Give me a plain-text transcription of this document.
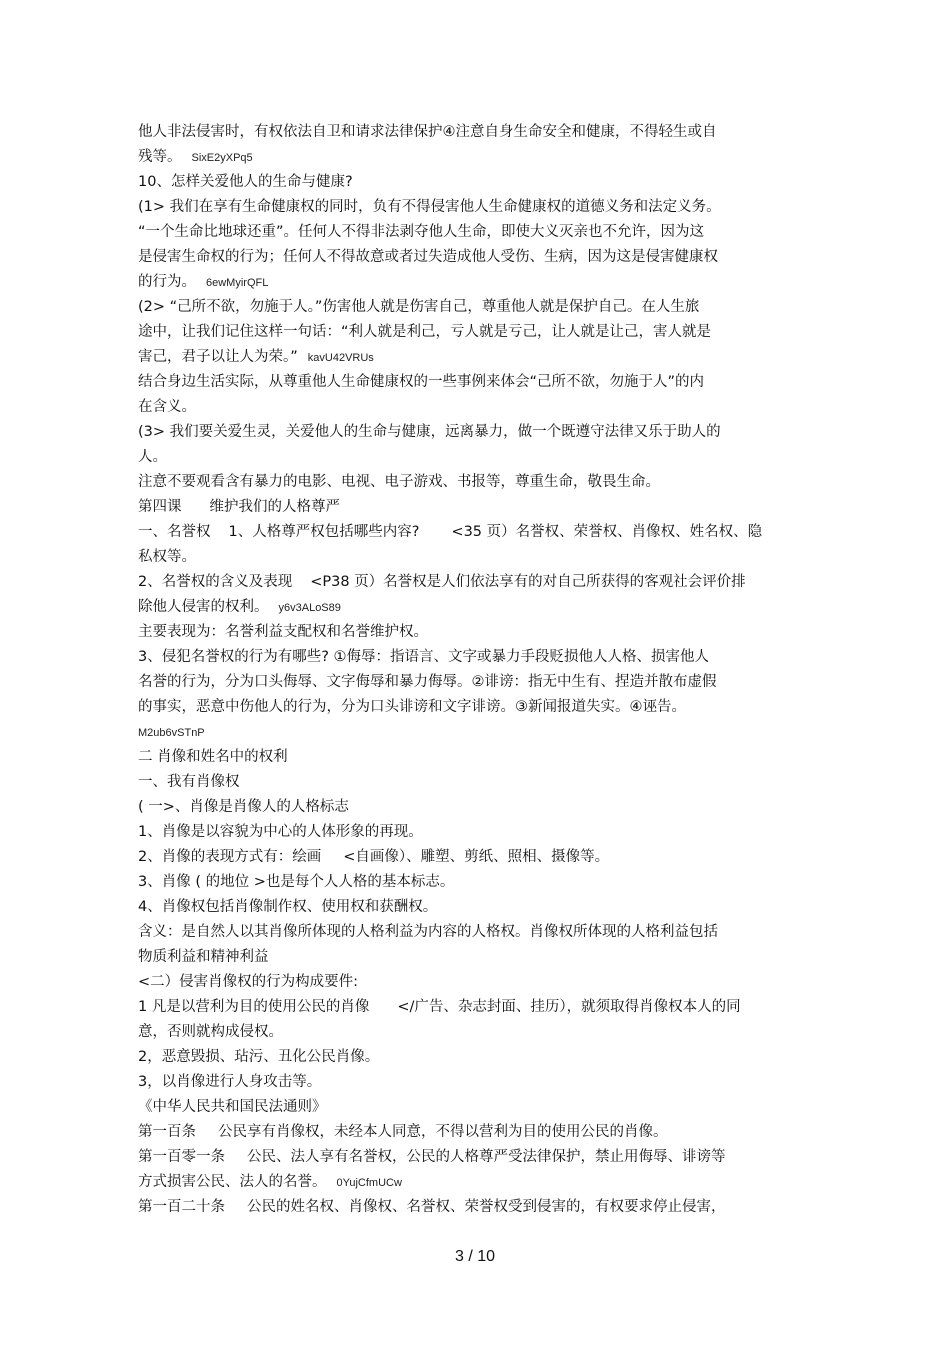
他人非法侵害时，有权依法自卫和请求法律保护④注意自身生命安全和健康，不得轻生或自
残等。 SixE2yXPq5
10、怎样关爱他人的生命与健康?
(1> 我们在享有生命健康权的同时，负有不得侵害他人生命健康权的道德义务和法定义务。
“一个生命比地球还重”。任何人不得非法剥夺他人生命，即使大义灭亲也不允许，因为这
是侵害生命权的行为；任何人不得故意或者过失造成他人受伤、生病，因为这是侵害健康权
的行为。 6ewMyirQFL
(2> “己所不欲，勿施于人。”伤害他人就是伤害自己，尊重他人就是保护自己。在人生旅
途中，让我们记住这样一句话：“利人就是利己，亏人就是亏己，让人就是让己，害人就是
害己，君子以让人为荣。” kavU42VRUs
结合身边生活实际，从尊重他人生命健康权的一些事例来体会“己所不欲，勿施于人”的内
在含义。
(3> 我们要关爱生灵，关爱他人的生命与健康，远离暴力，做一个既遵守法律又乐于助人的
人。
注意不要观看含有暴力的电影、电视、电子游戏、书报等，尊重生命，敬畏生命。
第四课 维护我们的人格尊严
一、名誉权 1、人格尊严权包括哪些内容? <35 页）名誉权、荣誉权、肖像权、姓名权、隐
私权等。
2、名誉权的含义及表现 <P38 页）名誉权是人们依法享有的对自己所获得的客观社会评价排
除他人侵害的权利。 y6v3ALoS89
主要表现为：名誉利益支配权和名誉维护权。
3、侵犯名誉权的行为有哪些? ①侮辱：指语言、文字或暴力手段贬损他人人格、损害他人
名誉的行为，分为口头侮辱、文字侮辱和暴力侮辱。②诽谤：指无中生有、捏造并散布虚假
的事实，恶意中伤他人的行为，分为口头诽谤和文字诽谤。③新闻报道失实。④诬告。
M2ub6vSTnP
二 肖像和姓名中的权利
一、我有肖像权
( 一>、肖像是肖像人的人格标志
1、肖像是以容貌为中心的人体形象的再现。
2、肖像的表现方式有：绘画 <自画像）、雕塑、剪纸、照相、摄像等。
3、肖像 ( 的地位 >也是每个人人格的基本标志。
4、肖像权包括肖像制作权、使用权和获酬权。
含义：是自然人以其肖像所体现的人格利益为内容的人格权。肖像权所体现的人格利益包括
物质利益和精神利益
<二）侵害肖像权的行为构成要件:
1 凡是以营利为目的使用公民的肖像 </广告、杂志封面、挂历），就须取得肖像权本人的同
意，否则就构成侵权。
2，恶意毁损、玷污、丑化公民肖像。
3，以肖像进行人身攻击等。
《中华人民共和国民法通则》
第一百条 公民享有肖像权，未经本人同意，不得以营利为目的使用公民的肖像。
第一百零一条 公民、法人享有名誉权，公民的人格尊严受法律保护，禁止用侮辱、诽谤等
方式损害公民、法人的名誉。 0YujCfmUCw
第一百二十条 公民的姓名权、肖像权、名誉权、荣誉权受到侵害的，有权要求停止侵害，
3 / 10
